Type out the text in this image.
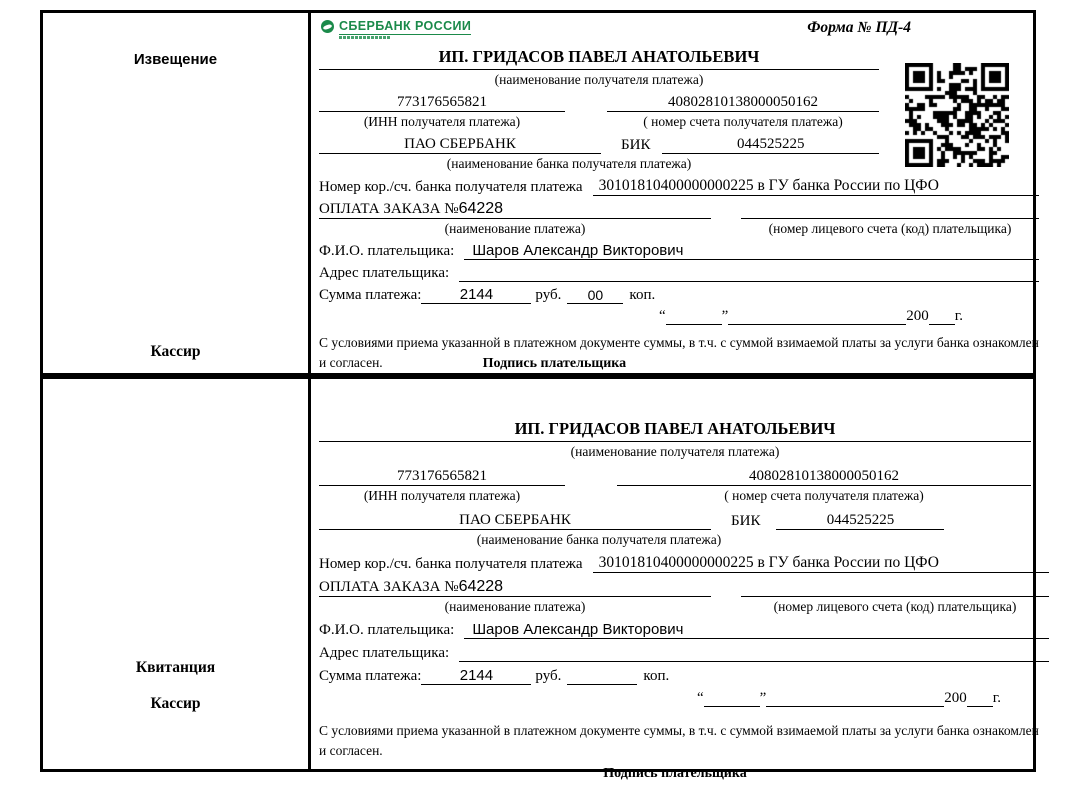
Извещение
Кассир
СБЕРБАНК РОССИИ	Форма № ПД-4
ИП. ГРИДАСОВ ПАВЕЛ АНАТОЛЬЕВИЧ
(наименование получателя платежа)
773176565821	40802810138000050162
(ИНН получателя платежа)	( номер счета получателя платежа)
ПАО СБЕРБАНК	БИК	044525225
(наименование банка получателя платежа)
Номер кор./сч. банка получателя платежа	30101810400000000225 в ГУ банка России по ЦФО
ОПЛАТА ЗАКАЗА №64228
(наименование платежа)	(номер лицевого счета (код) плательщика)
Ф.И.О. плательщика:	Шаров Александр Викторович
Адрес плательщика:
Сумма платежа:	2144	руб.	00	коп.
“	”	200 г.
С условиями приема указанной в платежном документе суммы, в т.ч. с суммой взимаемой платы за услуги банка ознакомлен и согласен.	Подпись плательщика
Квитанция
Кассир
ИП. ГРИДАСОВ ПАВЕЛ АНАТОЛЬЕВИЧ
(наименование получателя платежа)
773176565821	40802810138000050162
(ИНН получателя платежа)	( номер счета получателя платежа)
ПАО СБЕРБАНК	БИК	044525225
(наименование банка получателя платежа)
Номер кор./сч. банка получателя платежа	30101810400000000225 в ГУ банка России по ЦФО
ОПЛАТА ЗАКАЗА №64228
(наименование платежа)	(номер лицевого счета (код) плательщика)
Ф.И.О. плательщика:	Шаров Александр Викторович
Адрес плательщика:
Сумма платежа:	2144	руб.	коп.
“	”	200 г.
С условиями приема указанной в платежном документе суммы, в т.ч. с суммой взимаемой платы за услуги банка ознакомлен и согласен.
Подпись плательщика
